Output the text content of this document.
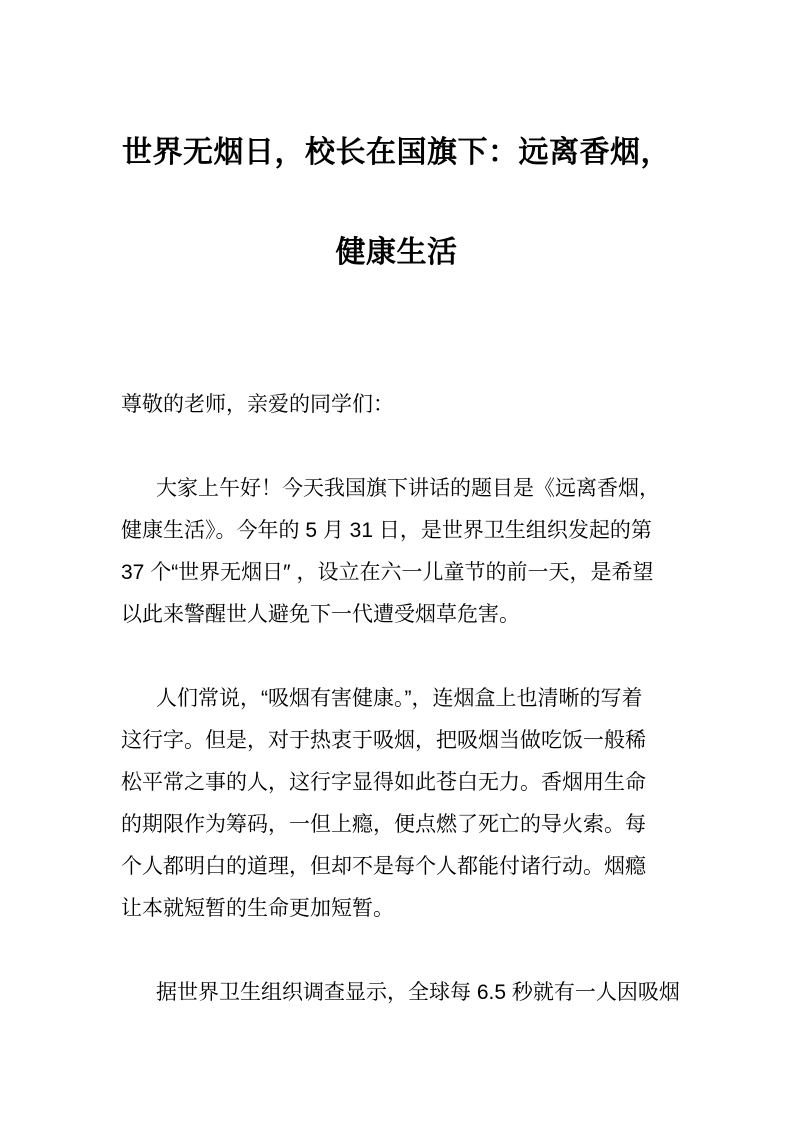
世界无烟日，校长在国旗下：远离香烟，
健康生活
尊敬的老师，亲爱的同学们：
大家上午好！今天我国旗下讲话的题目是《远离香烟，
健康生活》。今年的 5 月 31 日，是世界卫生组织发起的第
37 个“世界无烟日″ ，设立在六一儿童节的前一天，是希望
以此来警醒世人避免下一代遭受烟草危害。
人们常说，“吸烟有害健康。”，连烟盒上也清晰的写着
这行字。但是，对于热衷于吸烟，把吸烟当做吃饭一般稀
松平常之事的人，这行字显得如此苍白无力。香烟用生命
的期限作为筹码，一但上瘾，便点燃了死亡的导火索。每
个人都明白的道理，但却不是每个人都能付诸行动。烟瘾
让本就短暂的生命更加短暂。
据世界卫生组织调查显示，全球每 6.5 秒就有一人因吸烟
